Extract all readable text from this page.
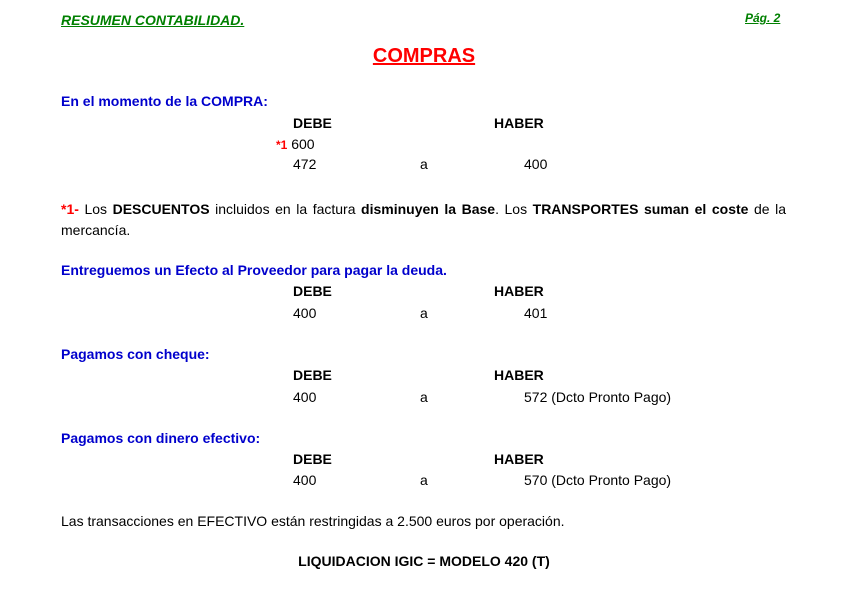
RESUMEN CONTABILIDAD.	Pág. 2
COMPRAS
En el momento de la COMPRA:
DEBE	HABER
*1 600
472	a	400
*1- Los DESCUENTOS incluidos en la factura disminuyen la Base. Los TRANSPORTES suman el coste de la mercancía.
Entreguemos un Efecto al Proveedor para pagar la deuda.
DEBE	HABER
400	a	401
Pagamos con cheque:
DEBE	HABER
400	a	572 (Dcto Pronto Pago)
Pagamos con dinero efectivo:
DEBE	HABER
400	a	570 (Dcto Pronto Pago)
Las transacciones en EFECTIVO están restringidas a 2.500 euros por operación.
LIQUIDACION IGIC = MODELO 420 (T)
